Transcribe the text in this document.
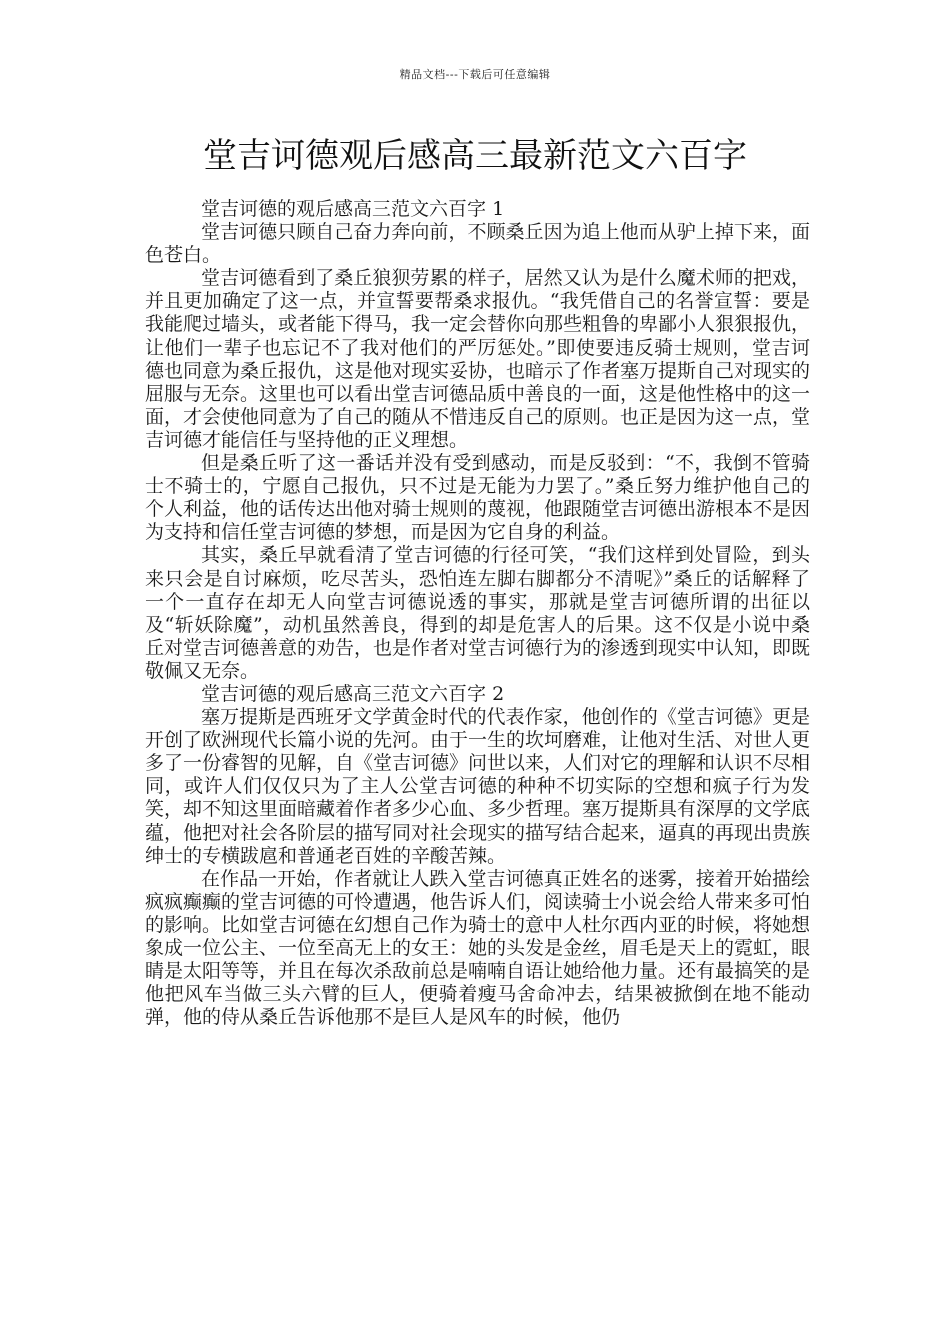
精品文档---下载后可任意编辑
堂吉诃德观后感高三最新范文六百字

堂吉诃德的观后感高三范文六百字 1

堂吉诃德只顾自己奋力奔向前，不顾桑丘因为追上他而从驴上掉下来，面色苍白。

堂吉诃德看到了桑丘狼狈劳累的样子，居然又认为是什么魔术师的把戏，并且更加确定了这一点，并宣誓要帮桑求报仇。“我凭借自己的名誉宣誓：要是我能爬过墙头，或者能下得马，我一定会替你向那些粗鲁的卑鄙小人狠狠报仇，让他们一辈子也忘记不了我对他们的严厉惩处。”即使要违反骑士规则，堂吉诃德也同意为桑丘报仇，这是他对现实妥协，也暗示了作者塞万提斯自己对现实的屈服与无奈。这里也可以看出堂吉诃德品质中善良的一面，这是他性格中的这一面，才会使他同意为了自己的随从不惜违反自己的原则。也正是因为这一点，堂吉诃德才能信任与坚持他的正义理想。

但是桑丘听了这一番话并没有受到感动，而是反驳到：“不，我倒不管骑士不骑士的，宁愿自己报仇，只不过是无能为力罢了。”桑丘努力维护他自己的个人利益，他的话传达出他对骑士规则的蔑视，他跟随堂吉诃德出游根本不是因为支持和信任堂吉诃德的梦想，而是因为它自身的利益。

其实，桑丘早就看清了堂吉诃德的行径可笑，“我们这样到处冒险，到头来只会是自讨麻烦，吃尽苦头，恐怕连左脚右脚都分不清呢》”桑丘的话解释了一个一直存在却无人向堂吉诃德说透的事实，那就是堂吉诃德所谓的出征以及“斩妖除魔”，动机虽然善良，得到的却是危害人的后果。这不仅是小说中桑丘对堂吉诃德善意的劝告，也是作者对堂吉诃德行为的渗透到现实中认知，即既敬佩又无奈。

堂吉诃德的观后感高三范文六百字 2

塞万提斯是西班牙文学黄金时代的代表作家，他创作的《堂吉诃德》更是开创了欧洲现代长篇小说的先河。由于一生的坎坷磨难，让他对生活、对世人更多了一份睿智的见解，自《堂吉诃德》问世以来，人们对它的理解和认识不尽相同，或许人们仅仅只为了主人公堂吉诃德的种种不切实际的空想和疯子行为发笑，却不知这里面暗藏着作者多少心血、多少哲理。塞万提斯具有深厚的文学底蕴，他把对社会各阶层的描写同对社会现实的描写结合起来，逼真的再现出贵族绅士的专横跋扈和普通老百姓的辛酸苦辣。

在作品一开始，作者就让人跌入堂吉诃德真正姓名的迷雾，接着开始描绘疯疯癫癫的堂吉诃德的可怜遭遇，他告诉人们，阅读骑士小说会给人带来多可怕的影响。比如堂吉诃德在幻想自己作为骑士的意中人杜尔西内亚的时候，将她想象成一位公主、一位至高无上的女王：她的头发是金丝，眉毛是天上的霓虹，眼睛是太阳等等，并且在每次杀敌前总是喃喃自语让她给他力量。还有最搞笑的是他把风车当做三头六臂的巨人，便骑着瘦马舍命冲去，结果被掀倒在地不能动弹，他的侍从桑丘告诉他那不是巨人是风车的时候，他仍
